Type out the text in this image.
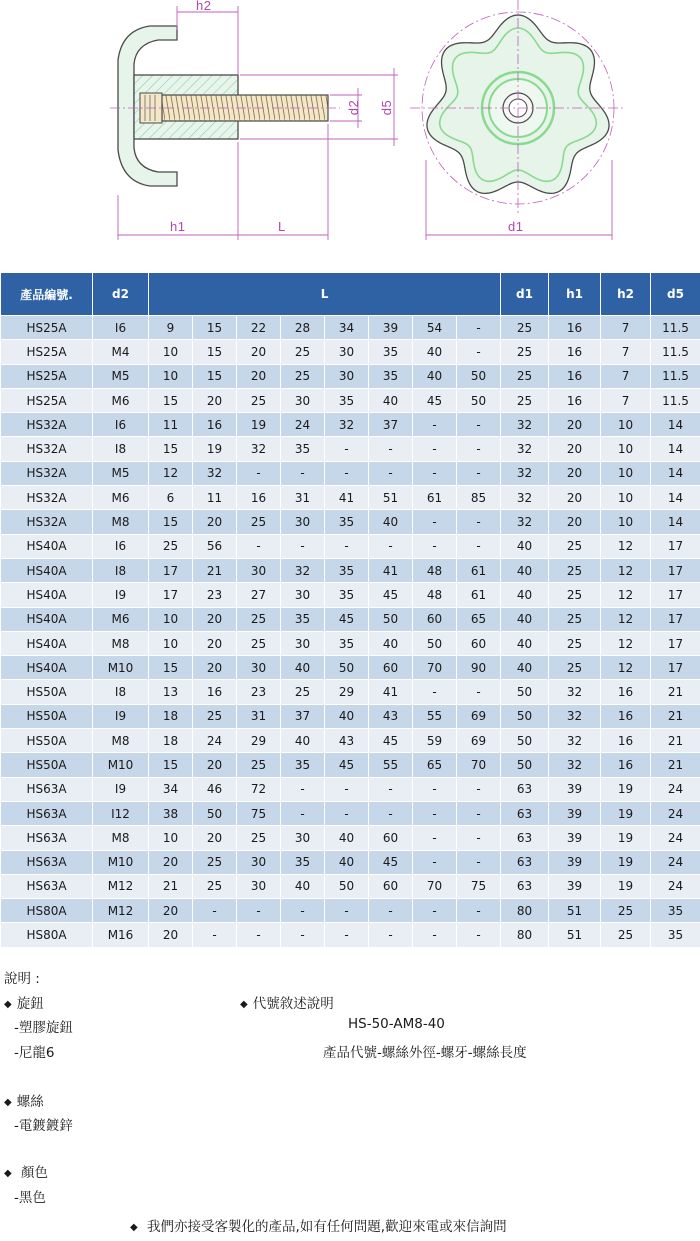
h2
h1	L
d2 d5
d1
產品編號.	d2	L								d1	h1	h2	d5
HS25A	I6	9	15	22	28	34	39	54	-	25	16	7	11.5
HS25A	M4	10	15	20	25	30	35	40	-	25	16	7	11.5
HS25A	M5	10	15	20	25	30	35	40	50	25	16	7	11.5
HS25A	M6	15	20	25	30	35	40	45	50	25	16	7	11.5
HS32A	I6	11	16	19	24	32	37	-	-	32	20	10	14
HS32A	I8	15	19	32	35	-	-	-	-	32	20	10	14
HS32A	M5	12	32	-	-	-	-	-	-	32	20	10	14
HS32A	M6	6	11	16	31	41	51	61	85	32	20	10	14
HS32A	M8	15	20	25	30	35	40	-	-	32	20	10	14
HS40A	I6	25	56	-	-	-	-	-	-	40	25	12	17
HS40A	I8	17	21	30	32	35	41	48	61	40	25	12	17
HS40A	I9	17	23	27	30	35	45	48	61	40	25	12	17
HS40A	M6	10	20	25	35	45	50	60	65	40	25	12	17
HS40A	M8	10	20	25	30	35	40	50	60	40	25	12	17
HS40A	M10	15	20	30	40	50	60	70	90	40	25	12	17
HS50A	I8	13	16	23	25	29	41	-	-	50	32	16	21
HS50A	I9	18	25	31	37	40	43	55	69	50	32	16	21
HS50A	M8	18	24	29	40	43	45	59	69	50	32	16	21
HS50A	M10	15	20	25	35	45	55	65	70	50	32	16	21
HS63A	I9	34	46	72	-	-	-	-	-	63	39	19	24
HS63A	I12	38	50	75	-	-	-	-	-	63	39	19	24
HS63A	M8	10	20	25	30	40	60	-	-	63	39	19	24
HS63A	M10	20	25	30	35	40	45	-	-	63	39	19	24
HS63A	M12	21	25	30	40	50	60	70	75	63	39	19	24
HS80A	M12	20	-	-	-	-	-	-	-	80	51	25	35
HS80A	M16	20	-	-	-	-	-	-	-	80	51	25	35
說明 :
◆ 旋鈕
-塑膠旋鈕
-尼龍6
◆ 代號敘述說明
HS-50-AM8-40
產品代號-螺絲外徑-螺牙-螺絲長度
◆ 螺絲
-電鍍鍍鋅
◆ 顏色
-黑色
◆ 我們亦接受客製化的產品,如有任何問題,歡迎來電或來信詢問
